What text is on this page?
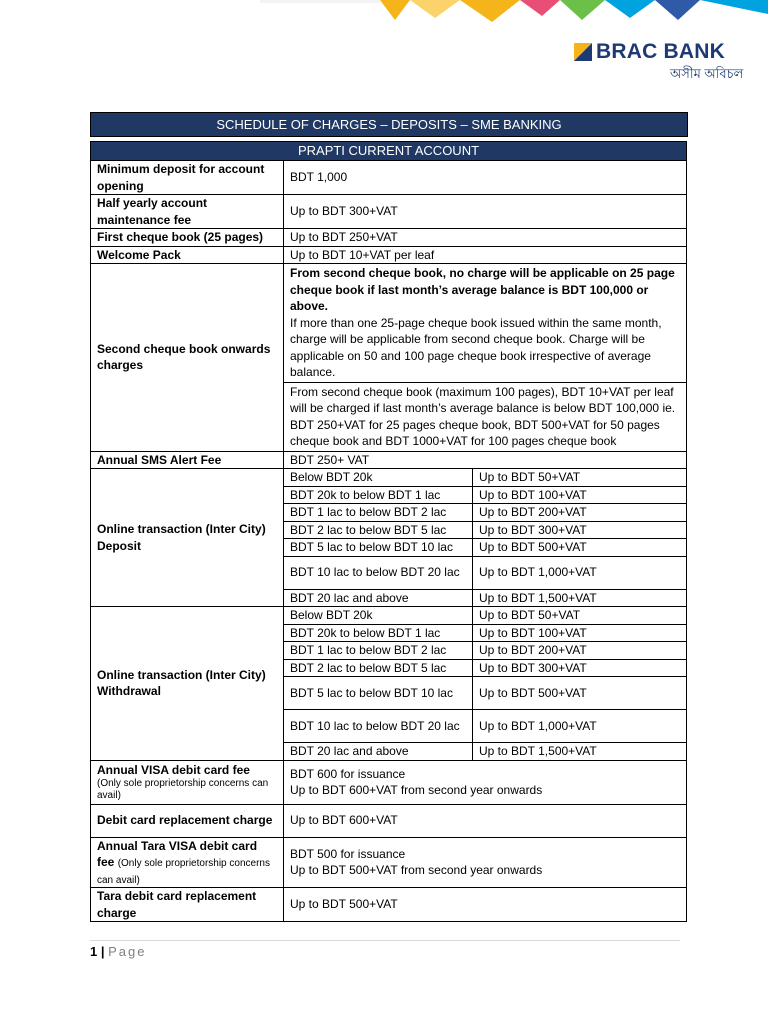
BRAC BANK
অসীম অবিচল
SCHEDULE OF CHARGES – DEPOSITS – SME BANKING
PRAPTI CURRENT ACCOUNT		
Minimum deposit for account opening	BDT 1,000	
Half yearly account maintenance fee	Up to BDT 300+VAT	
First cheque book (25 pages)	Up to BDT 250+VAT	
Welcome Pack	Up to BDT 10+VAT per leaf	
Second cheque book onwards charges	From second cheque book, no charge will be applicable on 25 page cheque book if last month’s average balance is BDT 100,000 or above.
If more than one 25-page cheque book issued within the same month, charge will be applicable from second cheque book. Charge will be applicable on 50 and 100 page cheque book irrespective of average balance.	

	From second cheque book (maximum 100 pages), BDT 10+VAT per leaf will be charged if last month’s average balance is below BDT 100,000 ie. BDT 250+VAT for 25 pages cheque book, BDT 500+VAT for 50 pages cheque book and BDT 1000+VAT for 100 pages cheque book	
Annual SMS Alert Fee	BDT 250+ VAT	
Online transaction (Inter City) Deposit	Below BDT 20k	Up to BDT 50+VAT
	BDT 20k to below BDT 1 lac	Up to BDT 100+VAT
	BDT 1 lac to below BDT 2 lac	Up to BDT 200+VAT
	BDT 2 lac to below BDT 5 lac	Up to BDT 300+VAT
	BDT 5 lac to below BDT 10 lac	Up to BDT 500+VAT
	BDT 10 lac to below BDT 20 lac	Up to BDT 1,000+VAT
	BDT 20 lac and above	Up to BDT 1,500+VAT
Online transaction (Inter City) Withdrawal	Below BDT 20k	Up to BDT 50+VAT
	BDT 20k to below BDT 1 lac	Up to BDT 100+VAT
	BDT 1 lac to below BDT 2 lac	Up to BDT 200+VAT
	BDT 2 lac to below BDT 5 lac	Up to BDT 300+VAT
	BDT 5 lac to below BDT 10 lac	Up to BDT 500+VAT
	BDT 10 lac to below BDT 20 lac	Up to BDT 1,000+VAT
	BDT 20 lac and above	Up to BDT 1,500+VAT

Annual VISA debit card fee
(Only sole proprietorship concerns can avail)	BDT 600 for issuance
Up to BDT 600+VAT from second year onwards	

Debit card replacement charge	Up to BDT 600+VAT	
Annual Tara VISA debit card fee (Only sole proprietorship concerns can avail)	BDT 500 for issuance
Up to BDT 500+VAT from second year onwards	

Tara debit card replacement charge	Up to BDT 500+VAT	
1 | Page
